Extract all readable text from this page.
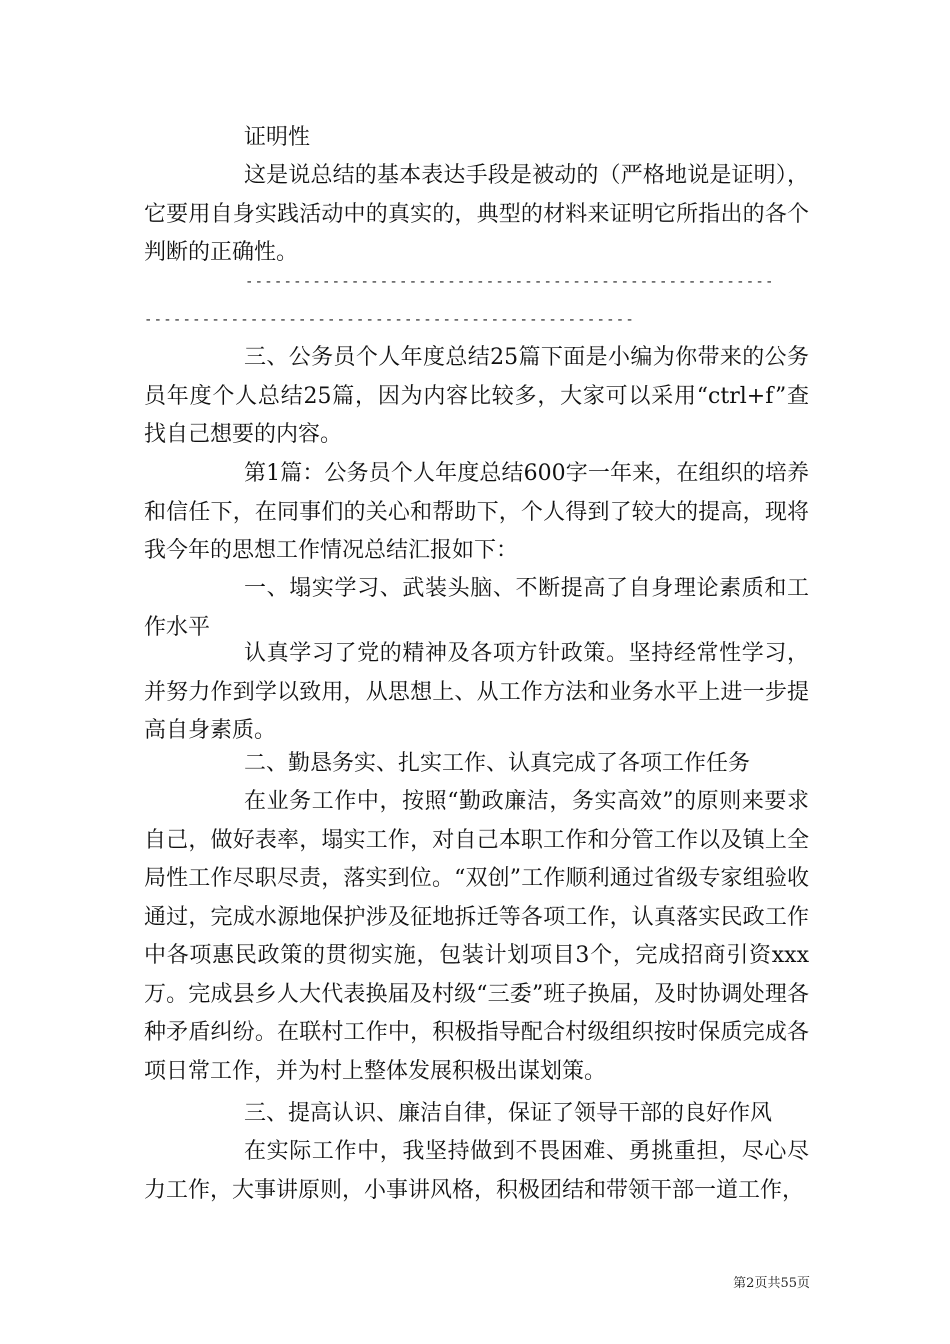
证明性

这是说总结的基本表达手段是被动的（严格地说是证明），它要用自身实践活动中的真实的，典型的材料来证明它所指出的各个判断的正确性。

-------------------------------------------------------
---------------------------------------------------

三、公务员个人年度总结25篇下面是小编为你带来的公务员年度个人总结25篇，因为内容比较多，大家可以采用“ctrl+f”查找自己想要的内容。

第1篇：公务员个人年度总结600字一年来，在组织的培养和信任下，在同事们的关心和帮助下，个人得到了较大的提高，现将我今年的思想工作情况总结汇报如下：

一、塌实学习、武装头脑、不断提高了自身理论素质和工作水平

认真学习了党的精神及各项方针政策。坚持经常性学习，并努力作到学以致用，从思想上、从工作方法和业务水平上进一步提高自身素质。

二、勤恳务实、扎实工作、认真完成了各项工作任务

在业务工作中，按照“勤政廉洁，务实高效”的原则来要求自己，做好表率，塌实工作，对自己本职工作和分管工作以及镇上全局性工作尽职尽责，落实到位。“双创”工作顺利通过省级专家组验收通过，完成水源地保护涉及征地拆迁等各项工作，认真落实民政工作中各项惠民政策的贯彻实施，包装计划项目3个，完成招商引资xxx万。完成县乡人大代表换届及村级“三委”班子换届，及时协调处理各种矛盾纠纷。在联村工作中，积极指导配合村级组织按时保质完成各项日常工作，并为村上整体发展积极出谋划策。

三、提高认识、廉洁自律，保证了领导干部的良好作风

在实际工作中，我坚持做到不畏困难、勇挑重担，尽心尽力工作，大事讲原则，小事讲风格，积极团结和带领干部一道工作，

第2页共55页
